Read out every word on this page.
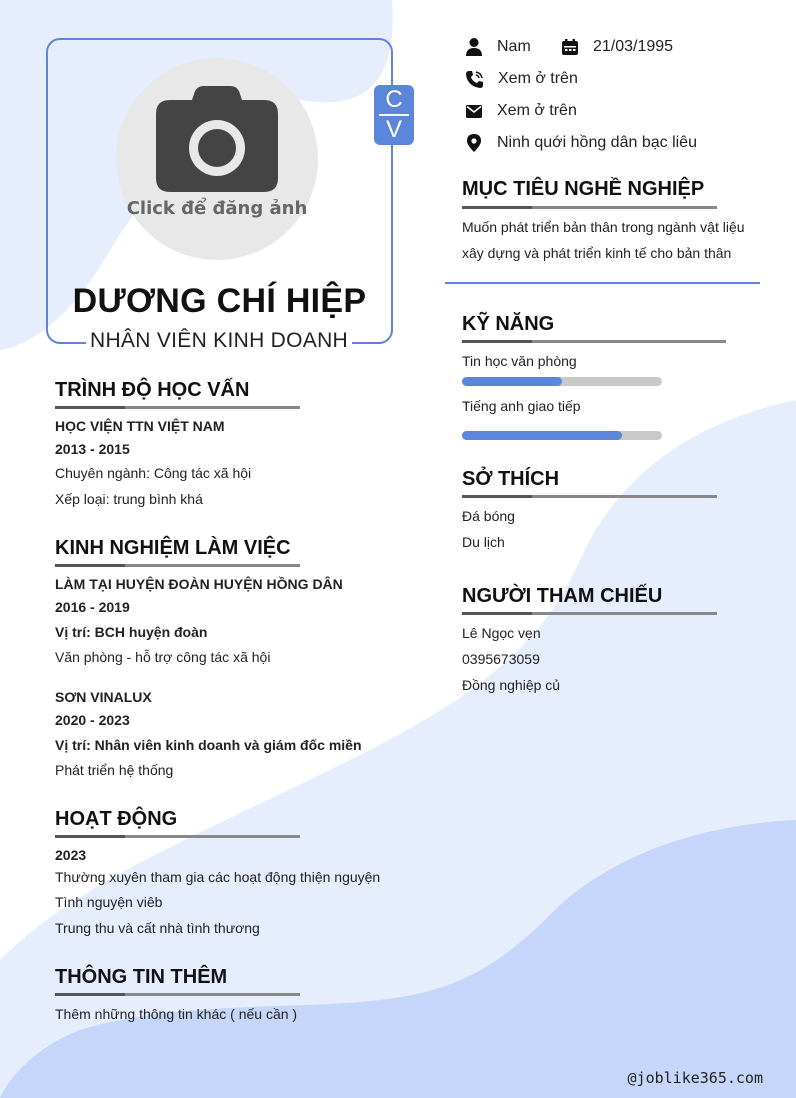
Click để đăng ảnh
C
V
DƯƠNG CHÍ HIỆP
NHÂN VIÊN KINH DOANH
Nam	21/03/1995
Xem ở trên
Xem ở trên
Ninh quới hồng dân bạc liêu
MỤC TIÊU NGHỀ NGHIỆP
Muốn phát triển bản thân trong ngành vật liệu
xây dựng và phát triển kinh tế cho bản thân
KỸ NĂNG
Tin học văn phòng
Tiếng anh giao tiếp
SỞ THÍCH
Đá bóng
Du lịch
NGƯỜI THAM CHIẾU
Lê Ngọc vẹn
0395673059
Đồng nghiệp củ
TRÌNH ĐỘ HỌC VẤN
HỌC VIỆN TTN VIỆT NAM
2013 - 2015
Chuyên ngành: Công tác xã hội
Xếp loại: trung bình khá
KINH NGHIỆM LÀM VIỆC
LÀM TẠI HUYỆN ĐOÀN HUYỆN HỒNG DÂN
2016 - 2019
Vị trí: BCH huyện đoàn
Văn phòng - hỗ trợ công tác xã hội
SƠN VINALUX
2020 - 2023
Vị trí: Nhân viên kinh doanh và giám đốc miền
Phát triển hệ thống
HOẠT ĐỘNG
2023
Thường xuyên tham gia các hoạt động thiện nguyện
Tình nguyện viêb
Trung thu và cất nhà tình thương
THÔNG TIN THÊM
Thêm những thông tin khác ( nếu cần )
@joblike365.com
